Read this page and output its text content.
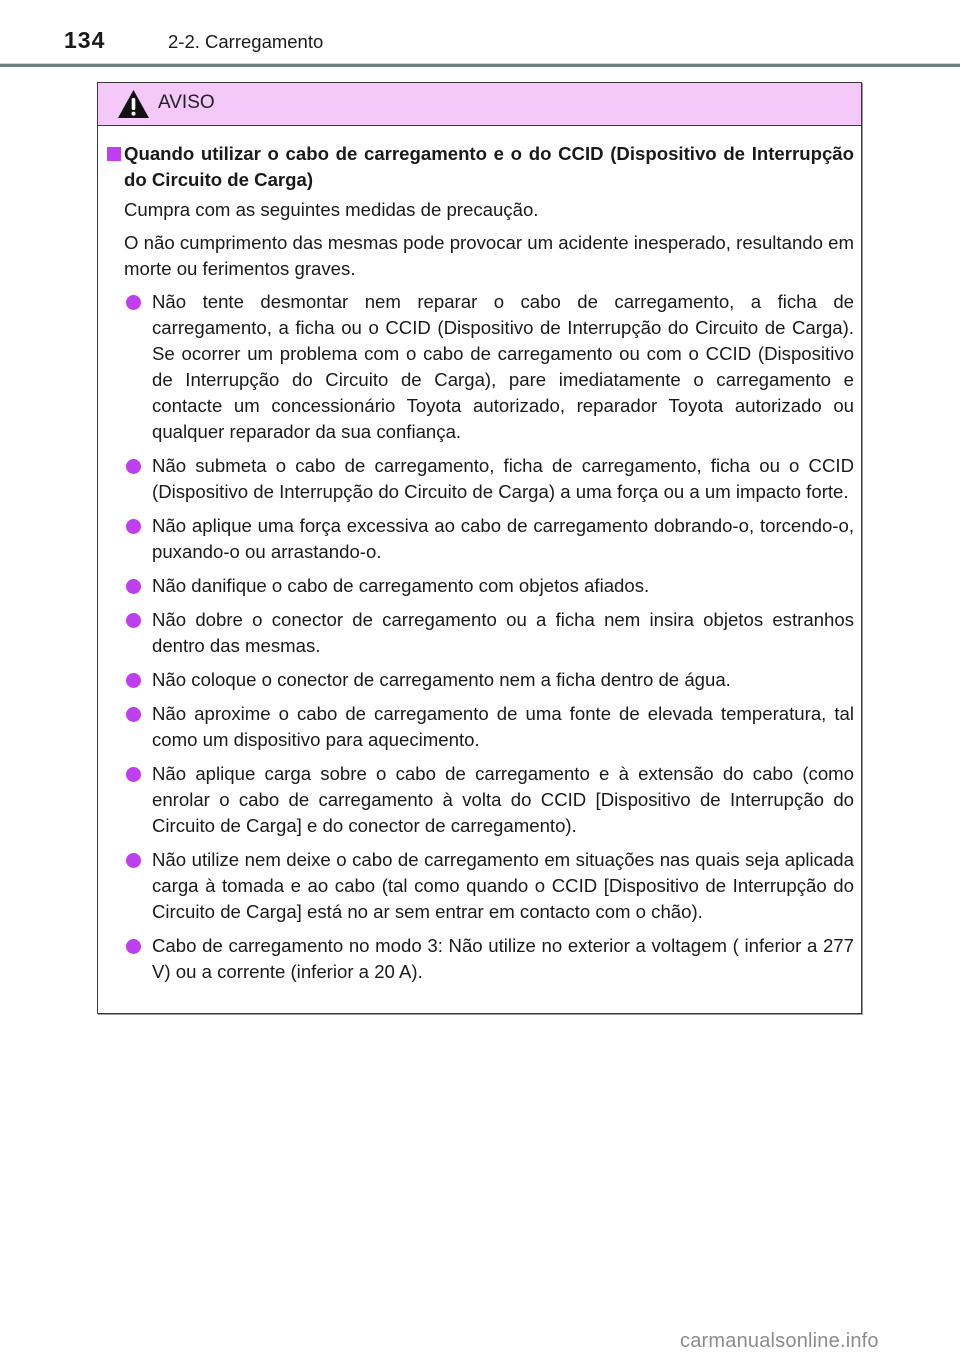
134	2-2. Carregamento
AVISO
Quando utilizar o cabo de carregamento e o do CCID (Dispositivo de Interrupção do Circuito de Carga)
Cumpra com as seguintes medidas de precaução.
O não cumprimento das mesmas pode provocar um acidente inesperado, resultando em morte ou ferimentos graves.
Não tente desmontar nem reparar o cabo de carregamento, a ficha de carregamento, a ficha ou o CCID (Dispositivo de Interrupção do Circuito de Carga). Se ocorrer um problema com o cabo de carregamento ou com o CCID (Dispositivo de Interrupção do Circuito de Carga), pare imediatamente o carregamento e contacte um concessionário Toyota autorizado, reparador Toyota autorizado ou qualquer reparador da sua confiança.
Não submeta o cabo de carregamento, ficha de carregamento, ficha ou o CCID (Dispositivo de Interrupção do Circuito de Carga) a uma força ou a um impacto forte.
Não aplique uma força excessiva ao cabo de carregamento dobrando-o, torcendo-o, puxando-o ou arrastando-o.
Não danifique o cabo de carregamento com objetos afiados.
Não dobre o conector de carregamento ou a ficha nem insira objetos estranhos dentro das mesmas.
Não coloque o conector de carregamento nem a ficha dentro de água.
Não aproxime o cabo de carregamento de uma fonte de elevada temperatura, tal como um dispositivo para aquecimento.
Não aplique carga sobre o cabo de carregamento e à extensão do cabo (como enrolar o cabo de carregamento à volta do CCID [Dispositivo de Interrupção do Circuito de Carga] e do conector de carregamento).
Não utilize nem deixe o cabo de carregamento em situações nas quais seja aplicada carga à tomada e ao cabo (tal como quando o CCID [Dispositivo de Interrupção do Circuito de Carga] está no ar sem entrar em contacto com o chão).
Cabo de carregamento no modo 3: Não utilize no exterior a voltagem ( inferior a 277 V) ou a corrente (inferior a 20 A).
carmanualsonline.info
